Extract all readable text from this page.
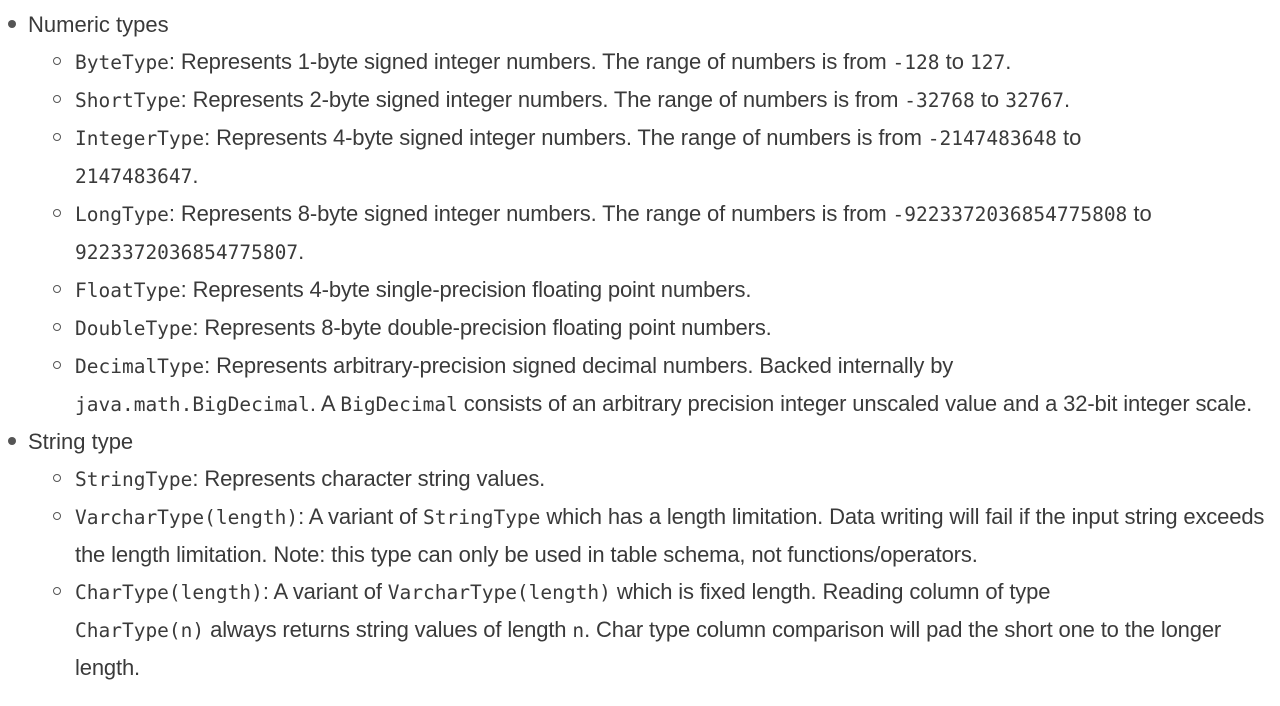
Numeric types
ByteType: Represents 1-byte signed integer numbers. The range of numbers is from -128 to 127.
ShortType: Represents 2-byte signed integer numbers. The range of numbers is from -32768 to 32767.
IntegerType: Represents 4-byte signed integer numbers. The range of numbers is from -2147483648 to
2147483647.
LongType: Represents 8-byte signed integer numbers. The range of numbers is from -9223372036854775808 to
9223372036854775807.
FloatType: Represents 4-byte single-precision floating point numbers.
DoubleType: Represents 8-byte double-precision floating point numbers.
DecimalType: Represents arbitrary-precision signed decimal numbers. Backed internally by
java.math.BigDecimal. A BigDecimal consists of an arbitrary precision integer unscaled value and a 32-bit integer scale.
String type
StringType: Represents character string values.
VarcharType(length): A variant of StringType which has a length limitation. Data writing will fail if the input string exceeds the length limitation. Note: this type can only be used in table schema, not functions/operators.
CharType(length): A variant of VarcharType(length) which is fixed length. Reading column of type
CharType(n) always returns string values of length n. Char type column comparison will pad the short one to the longer length.
